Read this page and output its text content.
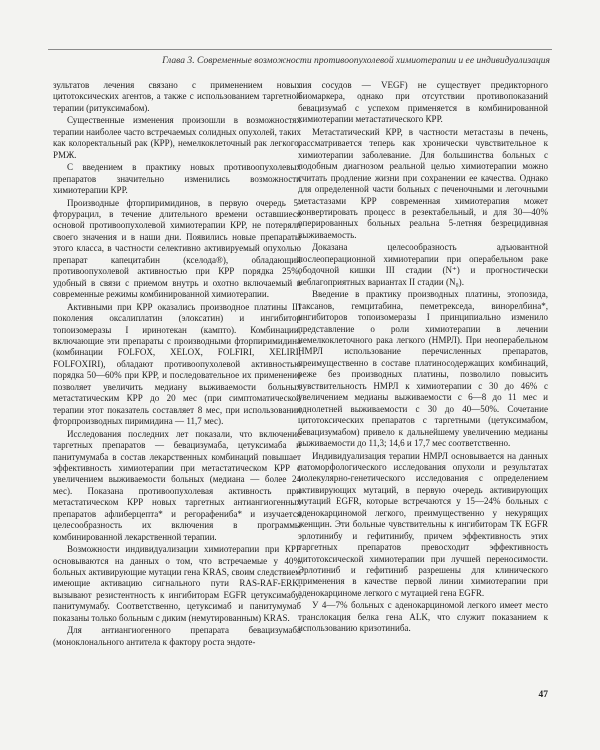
Глава 3. Современные возможности противоопухолевой химиотерапии и ее индивидуализация

зультатов лечения связано с применением новых цитотоксических агентов, а также с использованием таргетной терапии (ритуксимабом).

Существенные изменения произошли в возможностях терапии наиболее часто встречаемых солидных опухолей, таких как колоректальный рак (КРР), немелкоклеточный рак легкого, РМЖ.

С введением в практику новых противоопухолевых препаратов значительно изменились возможности химиотерапии КРР.

Производные фторпиримидинов, в первую очередь 5-фторурацил, в течение длительного времени оставшиеся основой противоопухолевой химиотерапии КРР, не потеряли своего значения и в наши дни. Появились новые препараты этого класса, в частности селективно активируемый опухолью препарат капецитабин (кселода®), обладающий противоопухолевой активностью при КРР порядка 25%, удобный в связи с приемом внутрь и охотно включаемый в современные режимы комбинированной химиотерапии.

Активными при КРР оказались производное платины III поколения оксалиплатин (элоксатин) и ингибитор топоизомеразы I иринотекан (кампто). Комбинации, включающие эти препараты с производными фторпиримидина (комбинации FOLFOX, XELOX, FOLFIRI, XELIRI, FOLFOXIRI), обладают противоопухолевой активностью порядка 50—60% при КРР, и последовательное их применение позволяет увеличить медиану выживаемости больных метастатическим КРР до 20 мес (при симптоматической терапии этот показатель составляет 8 мес, при использовании фторпроизводных пиримидина — 11,7 мес).

Исследования последних лет показали, что включение таргетных препаратов — бевацизумаба, цетуксимаба и панитумумаба в состав лекарственных комбинаций повышает эффективность химиотерапии при метастатическом КРР с увеличением выживаемости больных (медиана — более 24 мес). Показана противоопухолевая активность при метастатическом КРР новых таргетных антиангиогенных препаратов афлиберцепта* и регорафениба* и изучается целесообразность их включения в программы комбинированной лекарственной терапии.

Возможности индивидуализации химиотерапии при КРР основываются на данных о том, что встречаемые у 40% больных активирующие мутации гена KRAS, своим следствием имеющие активацию сигнального пути RAS-RAF-ERK, вызывают резистентность к ингибиторам EGFR цетуксимабу, панитумумабу. Соответственно, цетуксимаб и панитумумаб показаны только больным с диким (немутированным) KRAS.

Для антиангиогенного препарата бевацизумаба (моноклонального антитела к фактору роста эндоте-

лия сосудов — VEGF) не существует предикторного биомаркера, однако при отсутствии противопоказаний бевацизумаб с успехом применяется в комбинированной химиотерапии метастатического КРР.

Метастатический КРР, в частности метастазы в печень, рассматривается теперь как хронически чувствительное к химиотерапии заболевание. Для большинства больных с подобным диагнозом реальной целью химиотерапии можно считать продление жизни при сохранении ее качества. Однако для определенной части больных с печеночными и легочными метастазами КРР современная химиотерапия может конвертировать процесс в резектабельный, и для 30—40% оперированных больных реальна 5-летняя безрецидивная выживаемость.

Доказана целесообразность адъювантной послеоперационной химиотерапии при операбельном раке ободочной кишки III стадии (N⁺) и прогностически неблагоприятных вариантах II стадии (N₀).

Введение в практику производных платины, этопозида, таксанов, гемцитабина, пеметрекседа, винорелбина*, ингибиторов топоизомеразы I принципиально изменило представление о роли химиотерапии в лечении немелкоклеточного рака легкого (НМРЛ). При неоперабельном НМРЛ использование перечисленных препаратов, преимущественно в составе платиносодержащих комбинаций, реже без производных платины, позволило повысить чувствительность НМРЛ к химиотерапии с 30 до 46% с увеличением медианы выживаемости с 6—8 до 11 мес и однолетней выживаемости с 30 до 40—50%. Сочетание цитотоксических препаратов с таргетными (цетуксимабом, бевацизумабом) привело к дальнейшему увеличению медианы выживаемости до 11,3; 14,6 и 17,7 мес соответственно.

Индивидуализация терапии НМРЛ основывается на данных патоморфологического исследования опухоли и результатах молекулярно-генетического исследования с определением активирующих мутаций, в первую очередь активирующих мутаций EGFR, которые встречаются у 15—24% больных с аденокарциномой легкого, преимущественно у некурящих женщин. Эти больные чувствительны к ингибиторам ТК EGFR эрлотинибу и гефитинибу, причем эффективность этих таргетных препаратов превосходит эффективность цитотоксической химиотерапии при лучшей переносимости. Эрлотиниб и гефитиниб разрешены для клинического применения в качестве первой линии химиотерапии при аденокарциноме легкого с мутацией гена EGFR.

У 4—7% больных с аденокарциномой легкого имеет место транслокация белка гена ALK, что служит показанием к использованию кризотиниба.

47
